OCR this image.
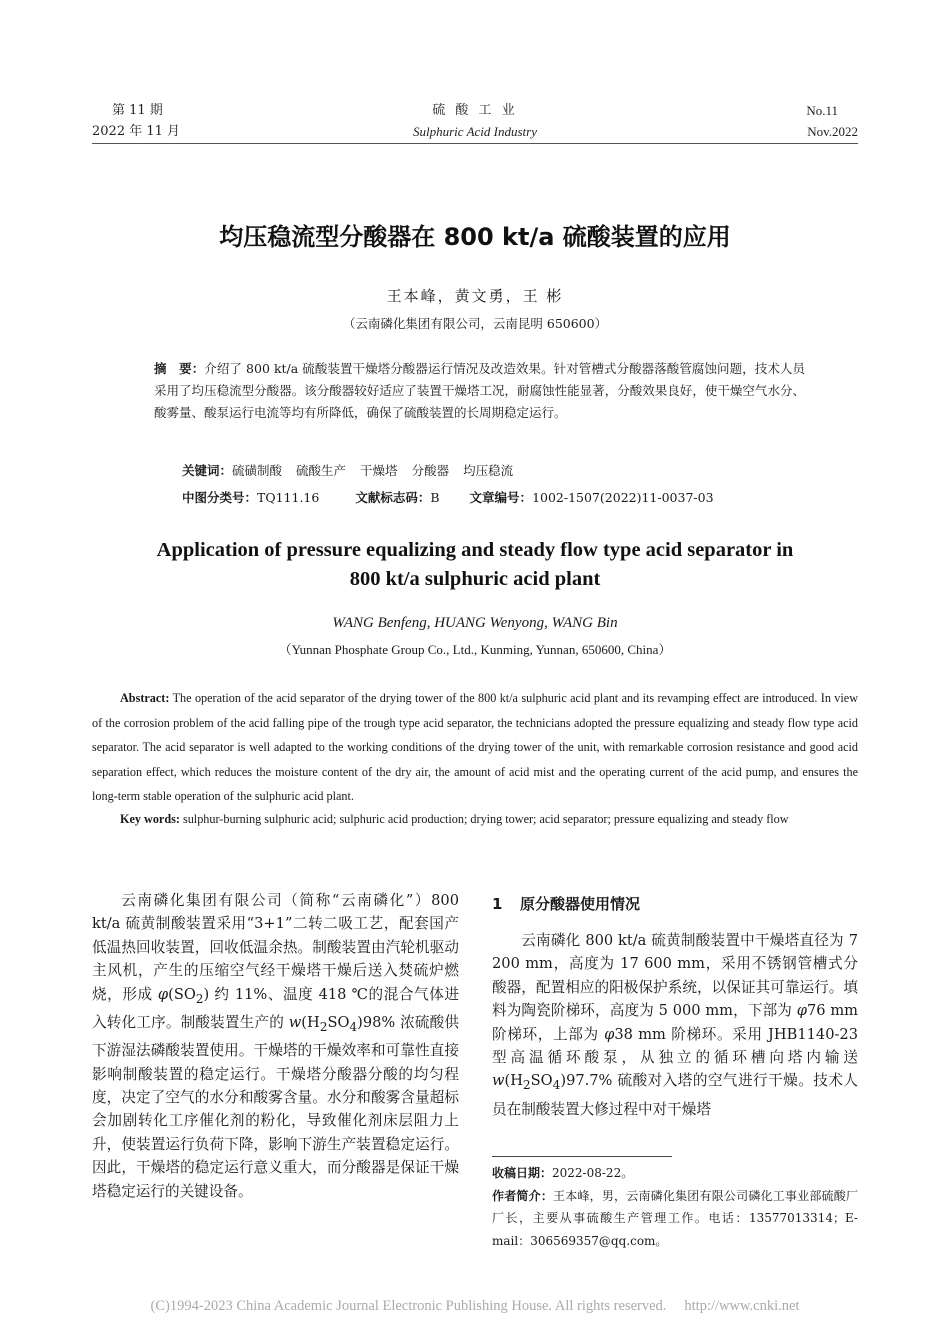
第 11 期
2022 年 11 月
硫 酸 工 业
Sulphuric Acid Industry
No.11
Nov.2022
均压稳流型分酸器在 800 kt/a 硫酸装置的应用
王本峰，黄文勇，王 彬
（云南磷化集团有限公司，云南昆明 650600）
摘　要：介绍了 800 kt/a 硫酸装置干燥塔分酸器运行情况及改造效果。针对管槽式分酸器落酸管腐蚀问题，技术人员采用了均压稳流型分酸器。该分酸器较好适应了装置干燥塔工况，耐腐蚀性能显著，分酸效果良好，使干燥空气水分、酸雾量、酸泵运行电流等均有所降低，确保了硫酸装置的长周期稳定运行。
关键词：硫磺制酸 硫酸生产 干燥塔 分酸器 均压稳流
中图分类号：TQ111.16	文献标志码：B 文章编号：1002-1507(2022)11-0037-03
Application of pressure equalizing and steady flow type acid separator in
800 kt/a sulphuric acid plant
WANG Benfeng, HUANG Wenyong, WANG Bin
（Yunnan Phosphate Group Co., Ltd., Kunming, Yunnan, 650600, China）
Abstract: The operation of the acid separator of the drying tower of the 800 kt/a sulphuric acid plant and its revamping effect are introduced. In view of the corrosion problem of the acid falling pipe of the trough type acid separator, the technicians adopted the pressure equalizing and steady flow type acid separator. The acid separator is well adapted to the working conditions of the drying tower of the unit, with remarkable corrosion resistance and good acid separation effect, which reduces the moisture content of the dry air, the amount of acid mist and the operating current of the acid pump, and ensures the long-term stable operation of the sulphuric acid plant.
Key words: sulphur-burning sulphuric acid; sulphuric acid production; drying tower; acid separator; pressure equalizing and steady flow
云南磷化集团有限公司（简称“云南磷化”）800 kt/a 硫黄制酸装置采用“3+1”二转二吸工艺，配套国产低温热回收装置，回收低温余热。制酸装置由汽轮机驱动主风机，产生的压缩空气经干燥塔干燥后送入焚硫炉燃烧，形成 $\varphi(SO_2)$ 约 11%、温度 418 ℃的混合气体进入转化工序。制酸装置生产的 $w(H_2SO_4)98\%$ 浓硫酸供下游湿法磷酸装置使用。干燥塔的干燥效率和可靠性直接影响制酸装置的稳定运行。干燥塔分酸器分酸的均匀程度，决定了空气的水分和酸雾含量。水分和酸雾含量超标会加剧转化工序催化剂的粉化，导致催化剂床层阻力上升，使装置运行负荷下降，影响下游生产装置稳定运行。因此，干燥塔的稳定运行意义重大，而分酸器是保证干燥塔稳定运行的关键设备。
1 原分酸器使用情况
云南磷化 800 kt/a 硫黄制酸装置中干燥塔直径为 7 200 mm，高度为 17 600 mm，采用不锈钢管槽式分酸器，配置相应的阳极保护系统，以保证其可靠运行。填料为陶瓷阶梯环，高度为 5 000 mm，下部为 φ76 mm 阶梯环，上部为 φ38 mm 阶梯环。采用 JHB1140-23 型高温循环酸泵，从独立的循环槽向塔内输送 $w(H_2SO_4)97.7\%$ 硫酸对入塔的空气进行干燥。技术人员在制酸装置大修过程中对干燥塔
收稿日期：2022-08-22。
作者简介：王本峰，男，云南磷化集团有限公司磷化工事业部硫酸厂厂长，主要从事硫酸生产管理工作。电话：13577013314；E-mail：306569357@qq.com。
(C)1994-2023 China Academic Journal Electronic Publishing House. All rights reserved. http://www.cnki.net
